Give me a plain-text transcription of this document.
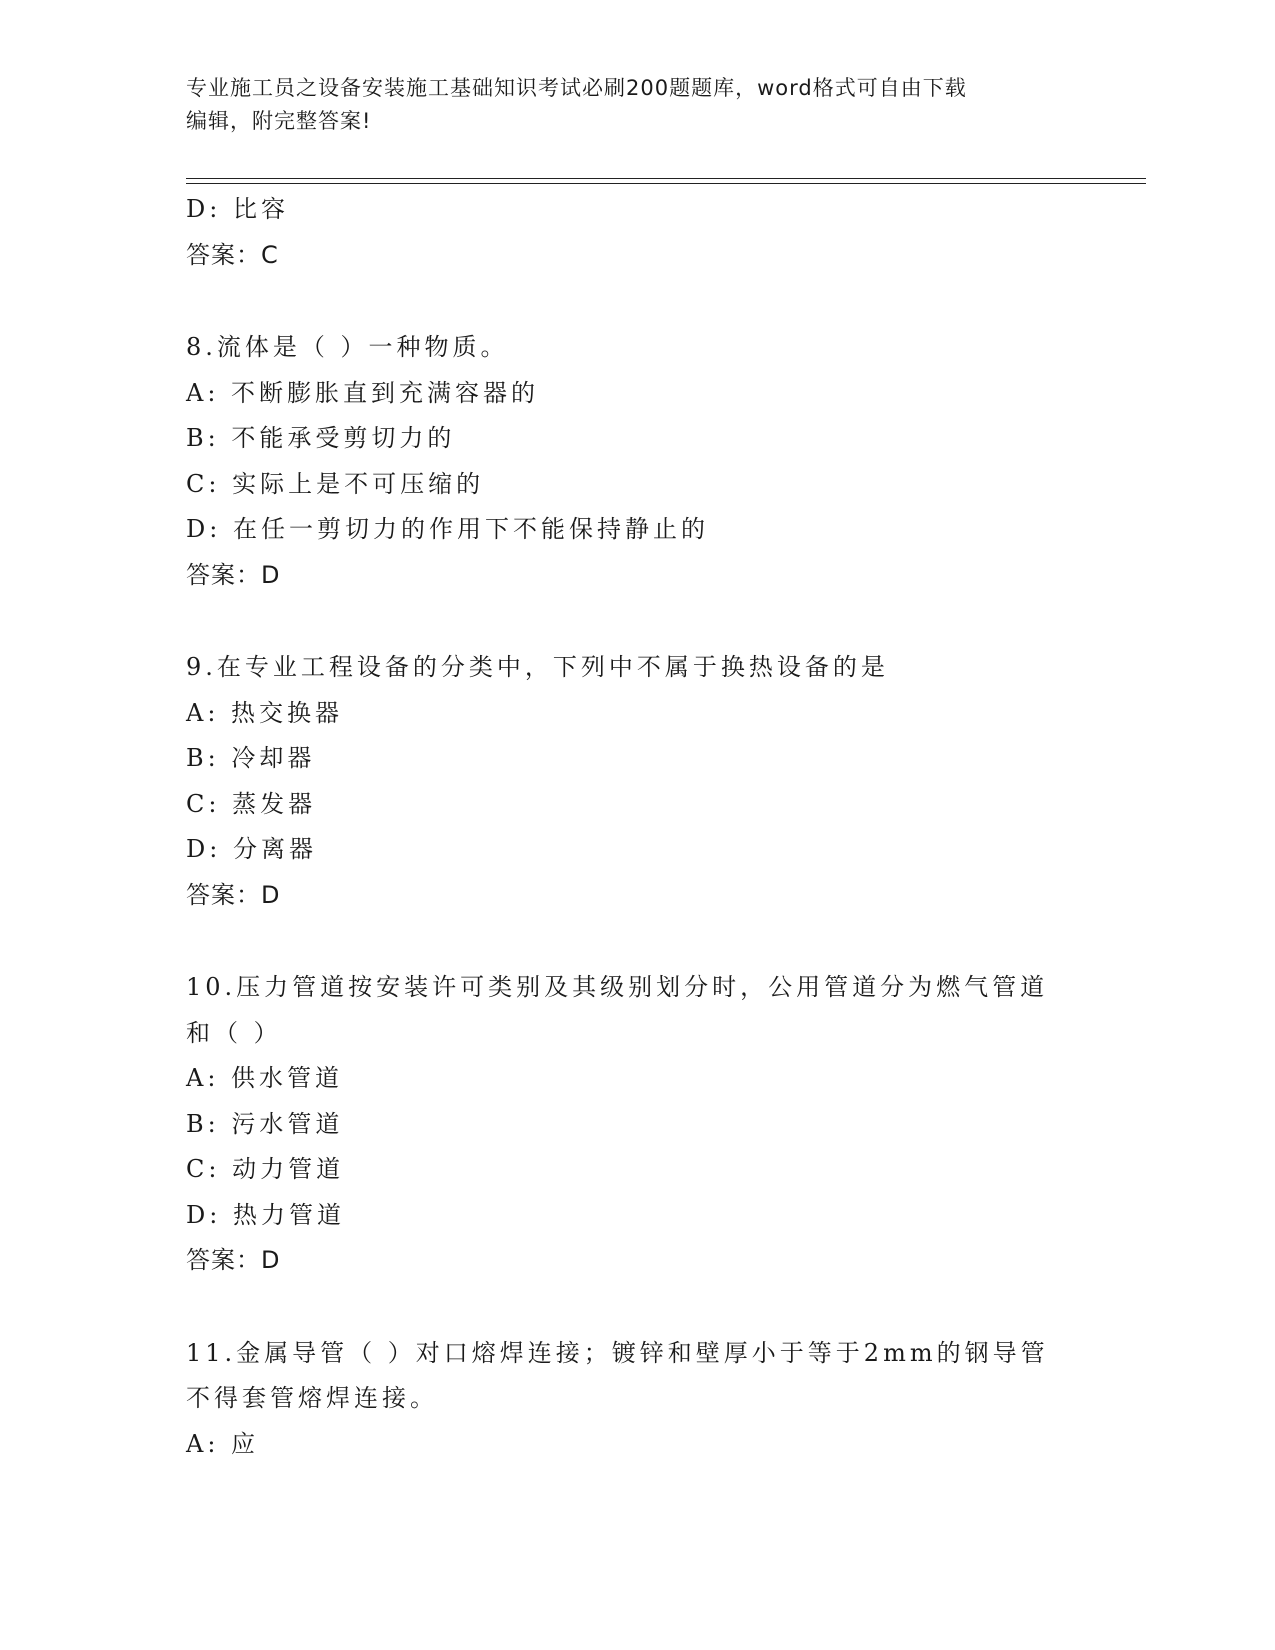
专业施工员之设备安装施工基础知识考试必刷200题题库，word格式可自由下载
编辑，附完整答案!
D: 比容
答案：C
8.流体是（ ）一种物质。
A: 不断膨胀直到充满容器的
B: 不能承受剪切力的
C: 实际上是不可压缩的
D: 在任一剪切力的作用下不能保持静止的
答案：D
9.在专业工程设备的分类中，下列中不属于换热设备的是
A: 热交换器
B: 冷却器
C: 蒸发器
D: 分离器
答案：D
10.压力管道按安装许可类别及其级别划分时，公用管道分为燃气管道
和（ ）
A: 供水管道
B: 污水管道
C: 动力管道
D: 热力管道
答案：D
11.金属导管（ ）对口熔焊连接；镀锌和壁厚小于等于2mm的钢导管
不得套管熔焊连接。
A: 应
